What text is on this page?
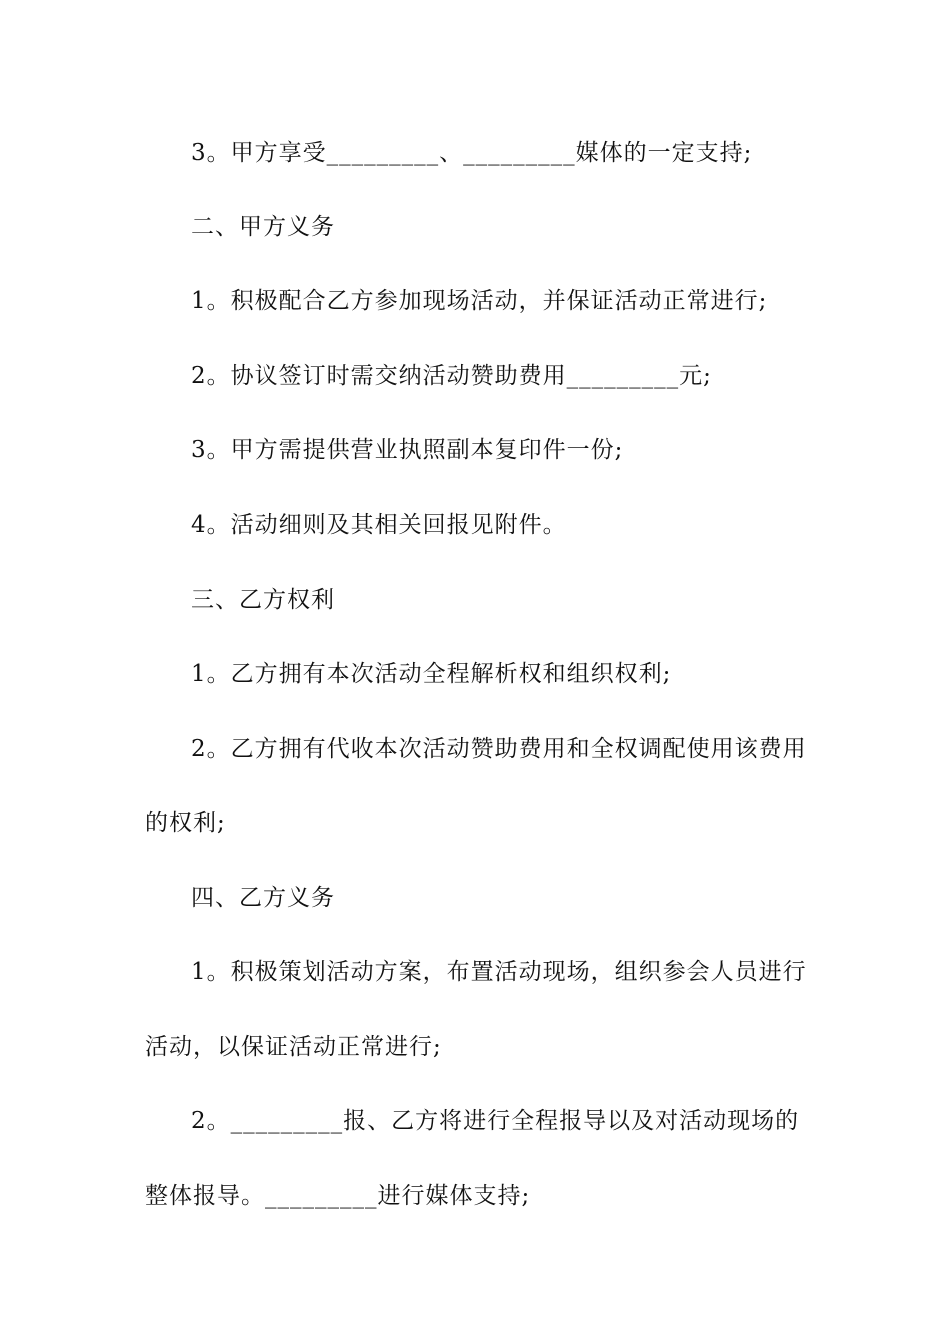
3。甲方享受_________、_________媒体的一定支持;
二、甲方义务
1。积极配合乙方参加现场活动，并保证活动正常进行;
2。协议签订时需交纳活动赞助费用_________元;
3。甲方需提供营业执照副本复印件一份;
4。活动细则及其相关回报见附件。
三、乙方权利
1。乙方拥有本次活动全程解析权和组织权利;
2。乙方拥有代收本次活动赞助费用和全权调配使用该费用
的权利;
四、乙方义务
1。积极策划活动方案，布置活动现场，组织参会人员进行
活动，以保证活动正常进行;
2。_________报、乙方将进行全程报导以及对活动现场的
整体报导。_________进行媒体支持;
